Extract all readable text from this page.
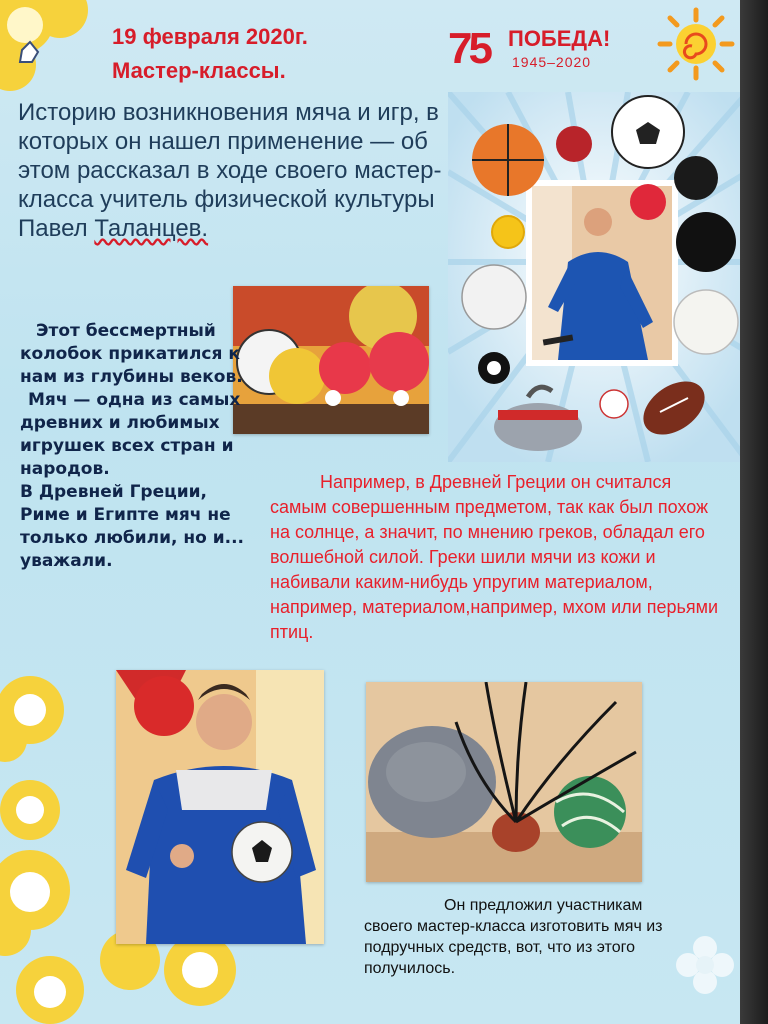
19 февраля 2020г.
Мастер-классы.	75 ПОБЕДА!
1945–2020
Историю возникновения мяча и игр, в которых он нашел применение — об этом рассказал в ходе своего мастер-класса учитель физической культуры Павел Таланцев.

Этот бессмертный колобок прикатился к нам из глубины веков.

Мяч — одна из самых древних и любимых игрушек всех стран и народов.

В Древней Греции, Риме и Египте мяч не только любили, но и... уважали.

Например, в Древней Греции он считался самым совершенным предметом, так как был похож на солнце, а значит, по мнению греков, обладал его волшебной силой. Греки шили мячи из кожи и набивали каким-нибудь упругим материалом, например, материалом,например, мхом или перьями птиц.
Он предложил участникам своего мастер-класса изготовить мяч из подручных средств, вот, что из этого получилось.
